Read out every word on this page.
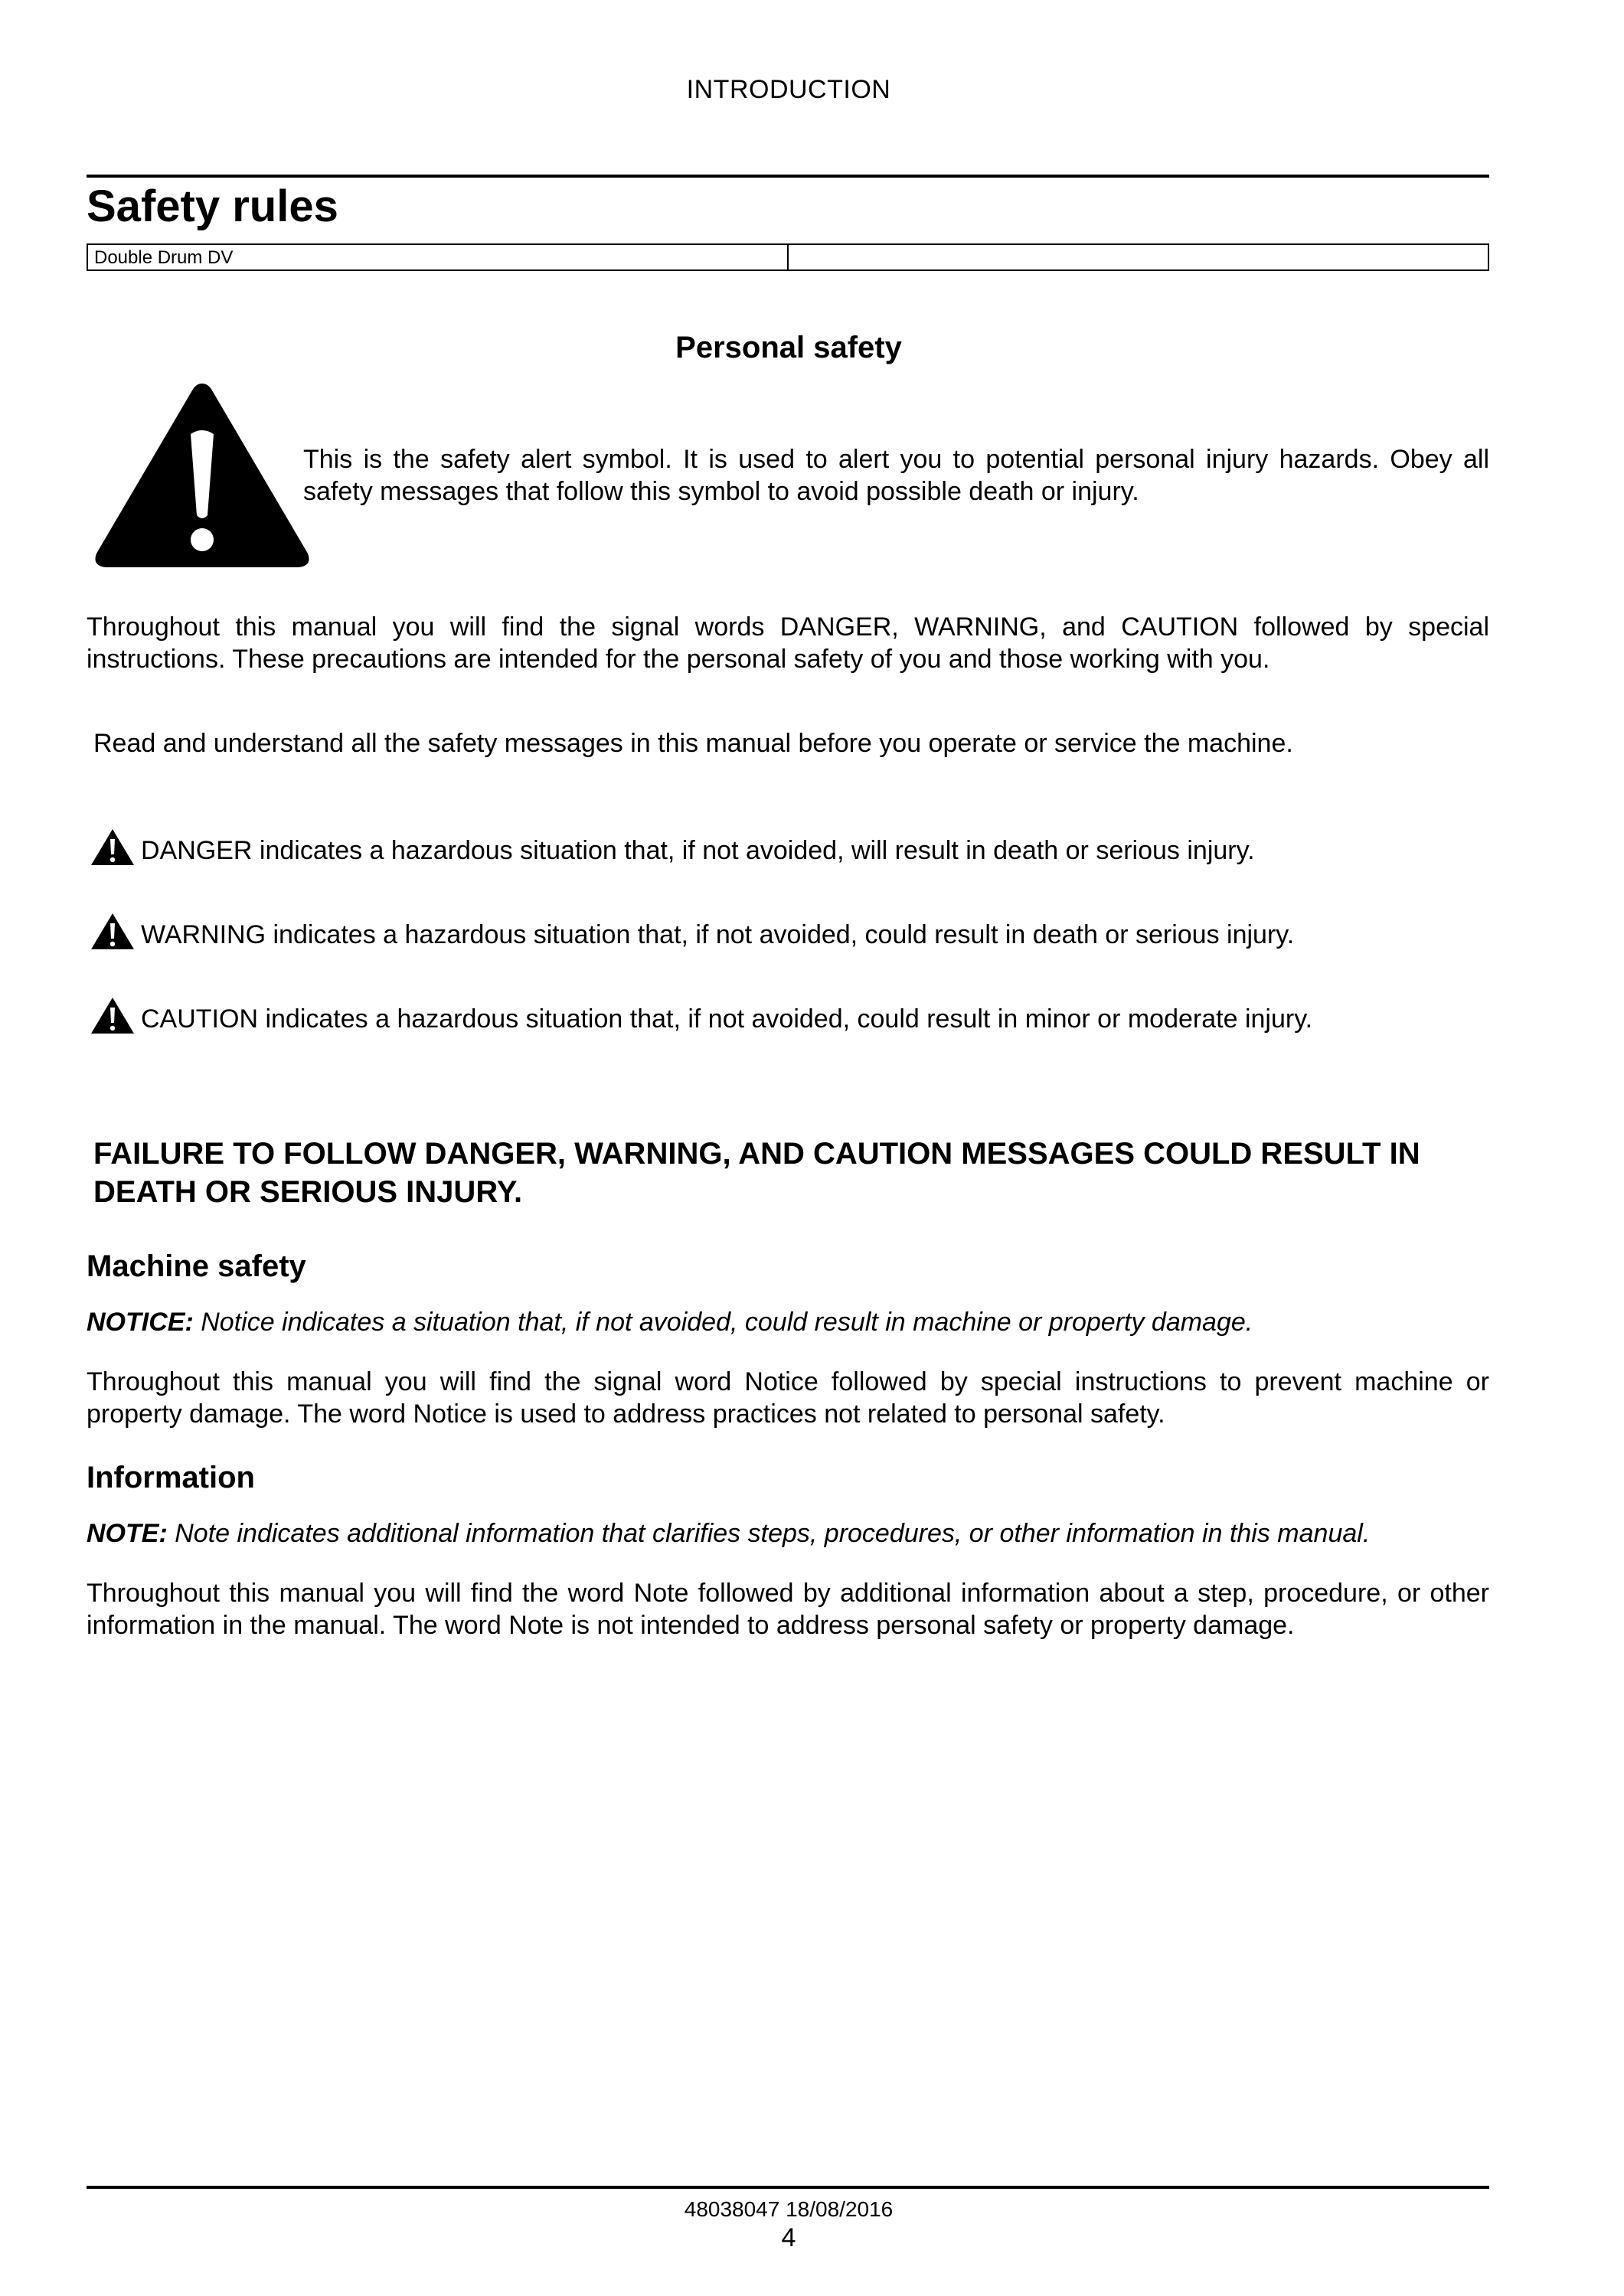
INTRODUCTION
Safety rules
Double Drum DV
Personal safety
This is the safety alert symbol. It is used to alert you to potential personal injury hazards. Obey all safety messages that follow this symbol to avoid possible death or injury.
Throughout this manual you will find the signal words DANGER, WARNING, and CAUTION followed by special instructions. These precautions are intended for the personal safety of you and those working with you.
Read and understand all the safety messages in this manual before you operate or service the machine.
DANGER indicates a hazardous situation that, if not avoided, will result in death or serious injury.
WARNING indicates a hazardous situation that, if not avoided, could result in death or serious injury.
CAUTION indicates a hazardous situation that, if not avoided, could result in minor or moderate injury.
FAILURE TO FOLLOW DANGER, WARNING, AND CAUTION MESSAGES COULD RESULT IN DEATH OR SERIOUS INJURY.
Machine safety
NOTICE: Notice indicates a situation that, if not avoided, could result in machine or property damage.
Throughout this manual you will find the signal word Notice followed by special instructions to prevent machine or property damage. The word Notice is used to address practices not related to personal safety.
Information
NOTE: Note indicates additional information that clarifies steps, procedures, or other information in this manual.
Throughout this manual you will find the word Note followed by additional information about a step, procedure, or other information in the manual. The word Note is not intended to address personal safety or property damage.
48038047 18/08/2016
4
